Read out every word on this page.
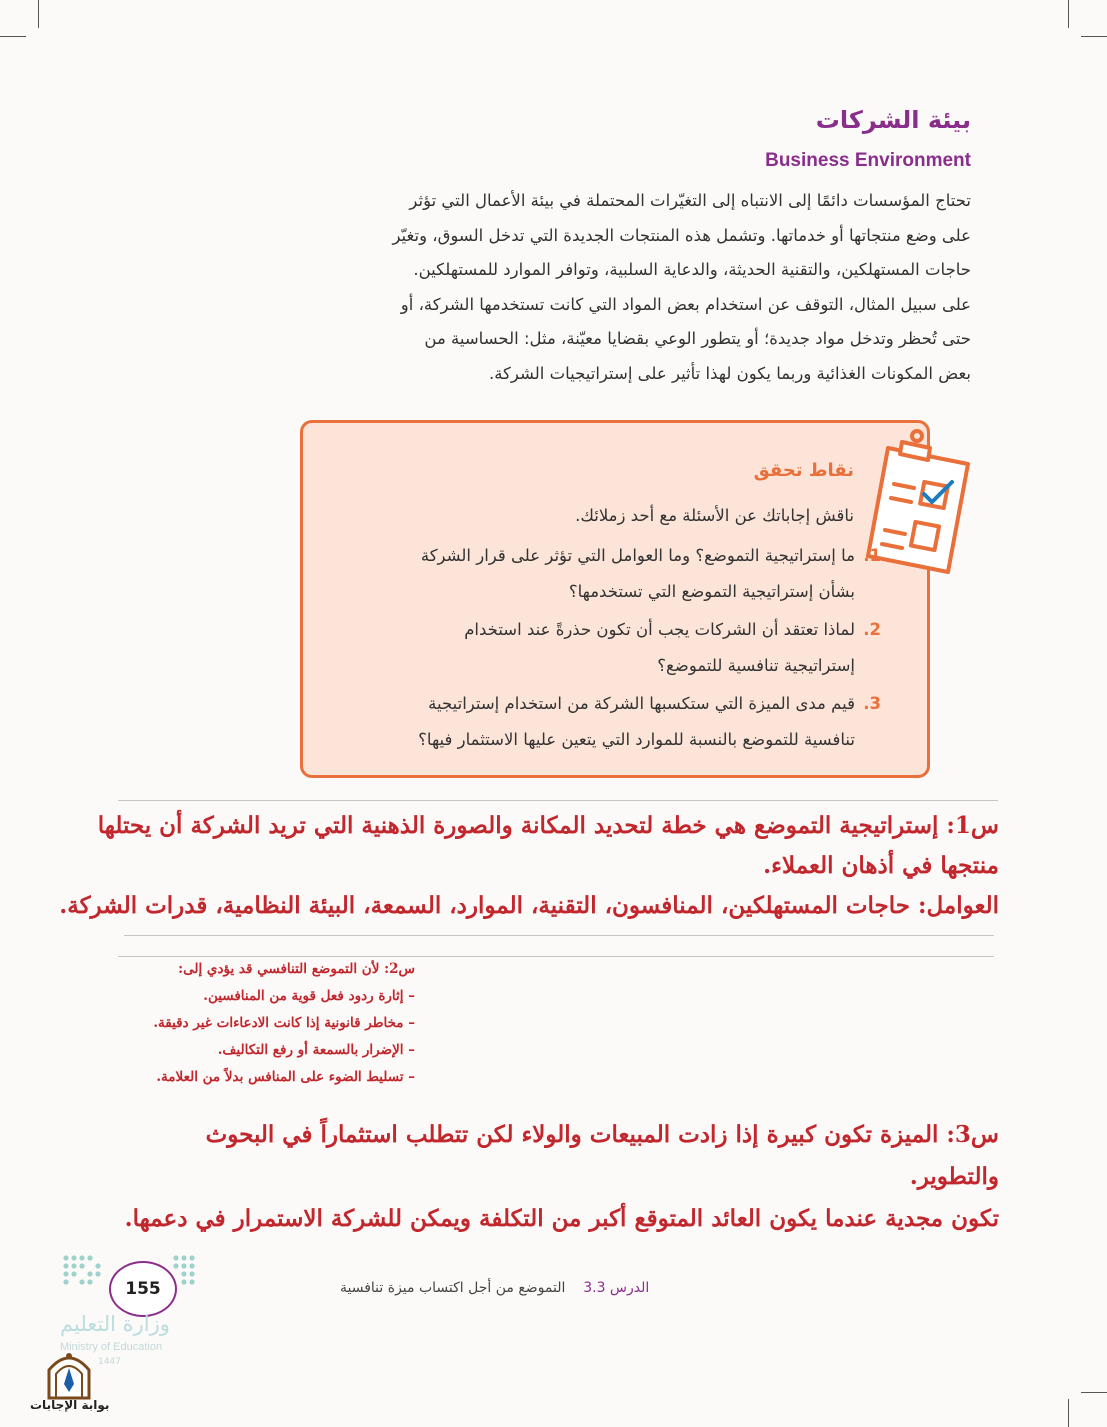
بيئة الشركات
Business Environment

تحتاج المؤسسات دائمًا إلى الانتباه إلى التغيّرات المحتملة في بيئة الأعمال التي تؤثر

على وضع منتجاتها أو خدماتها. وتشمل هذه المنتجات الجديدة التي تدخل السوق، وتغيّر

حاجات المستهلكين، والتقنية الحديثة، والدعاية السلبية، وتوافر الموارد للمستهلكين.

على سبيل المثال، التوقف عن استخدام بعض المواد التي كانت تستخدمها الشركة، أو

حتى تُحظر وتدخل مواد جديدة؛ أو يتطور الوعي بقضايا معيّنة، مثل: الحساسية من

بعض المكونات الغذائية وربما يكون لهذا تأثير على إستراتيجيات الشركة.

نقاط تحقق
ناقش إجاباتك عن الأسئلة مع أحد زملائك.
1.

ما إستراتيجية التموضع؟ وما العوامل التي تؤثر على قرار الشركة

بشأن إستراتيجية التموضع التي تستخدمها؟

2.

لماذا تعتقد أن الشركات يجب أن تكون حذرةً عند استخدام

إستراتيجية تنافسية للتموضع؟

3.

قيم مدى الميزة التي ستكسبها الشركة من استخدام إستراتيجية

تنافسية للتموضع بالنسبة للموارد التي يتعين عليها الاستثمار فيها؟

س1: إستراتيجية التموضع هي خطة لتحديد المكانة والصورة الذهنية التي تريد الشركة أن يحتلها

منتجها في أذهان العملاء.

العوامل: حاجات المستهلكين، المنافسون، التقنية، الموارد، السمعة، البيئة النظامية، قدرات الشركة.

س2: لأن التموضع التنافسي قد يؤدي إلى:

– إثارة ردود فعل قوية من المنافسين.

– مخاطر قانونية إذا كانت الادعاءات غير دقيقة.

– الإضرار بالسمعة أو رفع التكاليف.

– تسليط الضوء على المنافس بدلاً من العلامة.

س3: الميزة تكون كبيرة إذا زادت المبيعات والولاء لكن تتطلب استثماراً في البحوث

والتطوير.

تكون مجدية عندما يكون العائد المتوقع أكبر من التكلفة ويمكن للشركة الاستمرار في دعمها.

الدرس 3.3    التموضع من أجل اكتساب ميزة تنافسية
155
وزارة التعليم
Ministry of Education
1447
بوابة الإجابات
